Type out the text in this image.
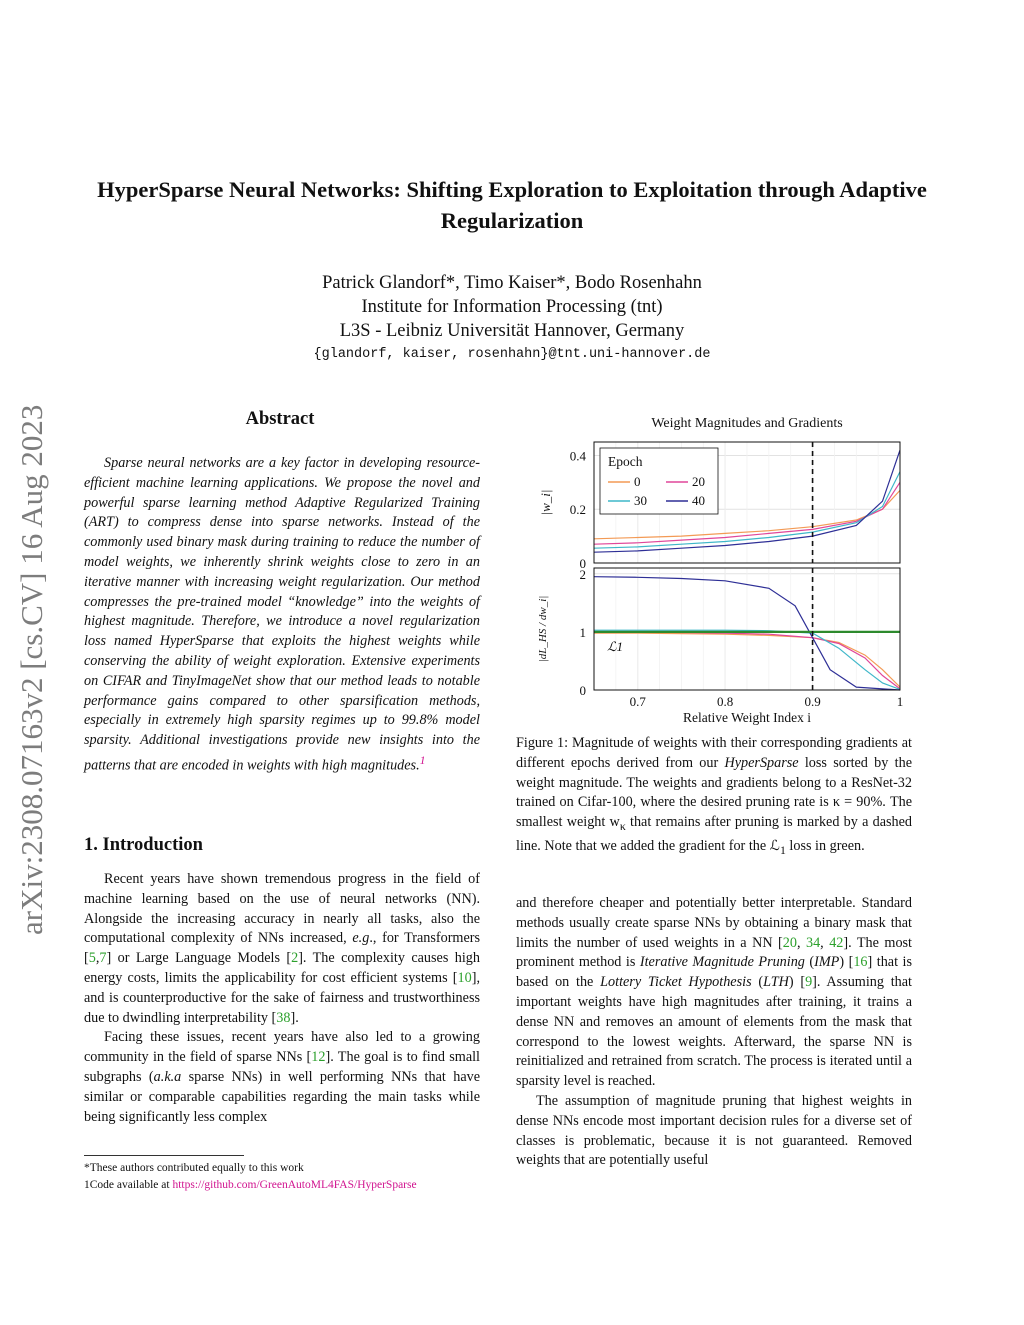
arXiv:2308.07163v2 [cs.CV] 16 Aug 2023
HyperSparse Neural Networks: Shifting Exploration to Exploitation through Adaptive Regularization
Patrick Glandorf*, Timo Kaiser*, Bodo Rosenhahn
Institute for Information Processing (tnt)
L3S - Leibniz Universität Hannover, Germany
{glandorf, kaiser, rosenhahn}@tnt.uni-hannover.de
Abstract
Sparse neural networks are a key factor in developing resource-efficient machine learning applications. We propose the novel and powerful sparse learning method Adaptive Regularized Training (ART) to compress dense into sparse networks. Instead of the commonly used binary mask during training to reduce the number of model weights, we inherently shrink weights close to zero in an iterative manner with increasing weight regularization. Our method compresses the pre-trained model “knowledge” into the weights of highest magnitude. Therefore, we introduce a novel regularization loss named HyperSparse that exploits the highest weights while conserving the ability of weight exploration. Extensive experiments on CIFAR and TinyImageNet show that our method leads to notable performance gains compared to other sparsification methods, especially in extremely high sparsity regimes up to 99.8% model sparsity. Additional investigations provide new insights into the patterns that are encoded in weights with high magnitudes.$^1$
1. Introduction

Recent years have shown tremendous progress in the field of machine learning based on the use of neural networks (NN). Alongside the increasing accuracy in nearly all tasks, also the computational complexity of NNs increased, e.g., for Transformers [5,7] or Large Language Models [2]. The complexity causes high energy costs, limits the applicability for cost efficient systems [10], and is counterproductive for the sake of fairness and trustworthiness due to dwindling interpretability [38].

Facing these issues, recent years have also led to a growing community in the field of sparse NNs [12]. The goal is to find small subgraphs (a.k.a sparse NNs) in well performing NNs that have similar or comparable capabilities regarding the main tasks while being significantly less complex

*These authors contributed equally to this work
1Code available at https://github.com/GreenAutoML4FAS/HyperSparse
Weight Magnitudes and Gradients
0
0.2
0.4
0
1
2
0.7	0.8	0.9	1
Relative Weight Index i
|w_i|
|dL_HS / dw_i|	ℒ1
Epoch
0	20
30	40
Figure 1: Magnitude of weights with their corresponding gradients at different epochs derived from our HyperSparse loss sorted by the weight magnitude. The weights and gradients belong to a ResNet-32 trained on Cifar-100, where the desired pruning rate is κ = 90%. The smallest weight $w_\kappa$ that remains after pruning is marked by a dashed line. Note that we added the gradient for the ℒ$_1$ loss in green.

and therefore cheaper and potentially better interpretable. Standard methods usually create sparse NNs by obtaining a binary mask that limits the number of used weights in a NN [20, 34, 42]. The most prominent method is Iterative Magnitude Pruning (IMP) [16] that is based on the Lottery Ticket Hypothesis (LTH) [9]. Assuming that important weights have high magnitudes after training, it trains a dense NN and removes an amount of elements from the mask that correspond to the lowest weights. Afterward, the sparse NN is reinitialized and retrained from scratch. The process is iterated until a sparsity level is reached.

The assumption of magnitude pruning that highest weights in dense NNs encode most important decision rules for a diverse set of classes is problematic, because it is not guaranteed. Removed weights that are potentially useful
